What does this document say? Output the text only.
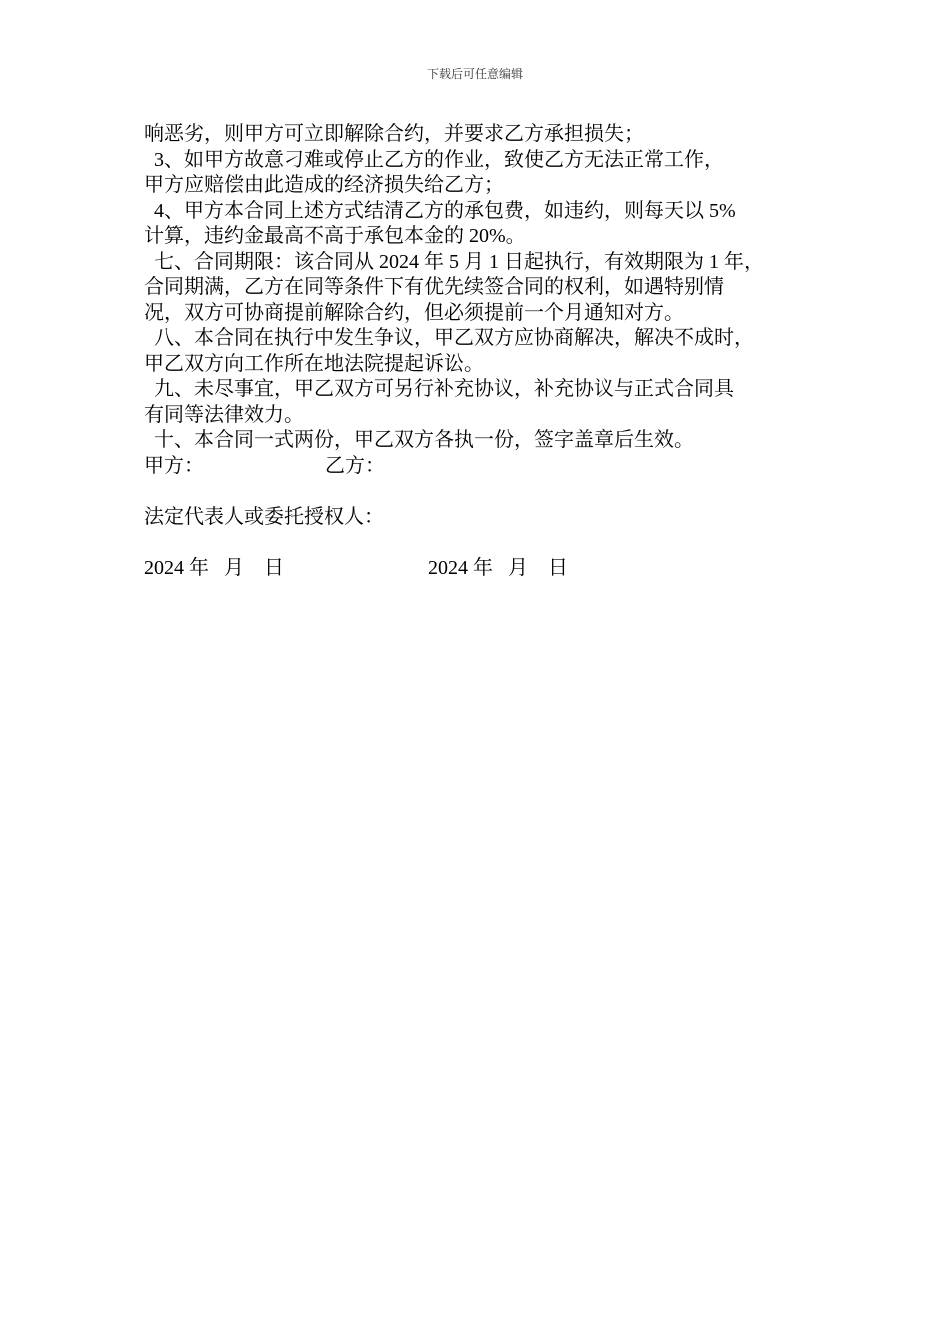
下载后可任意编辑
响恶劣，则甲方可立即解除合约，并要求乙方承担损失；
3、如甲方故意刁难或停止乙方的作业，致使乙方无法正常工作，
甲方应赔偿由此造成的经济损失给乙方；
4、甲方本合同上述方式结清乙方的承包费，如违约，则每天以 5%
计算，违约金最高不高于承包本金的 20%。
七、合同期限：该合同从 2024 年 5 月 1 日起执行，有效期限为 1 年，
合同期满，乙方在同等条件下有优先续签合同的权利，如遇特别情
况，双方可协商提前解除合约，但必须提前一个月通知对方。
八、本合同在执行中发生争议，甲乙双方应协商解决，解决不成时，
甲乙双方向工作所在地法院提起诉讼。
九、未尽事宜，甲乙双方可另行补充协议，补充协议与正式合同具
有同等法律效力。
十、本合同一式两份，甲乙双方各执一份，签字盖章后生效。
甲方：	乙方：
法定代表人或委托授权人：
2024 年   月    日	2024 年   月    日
